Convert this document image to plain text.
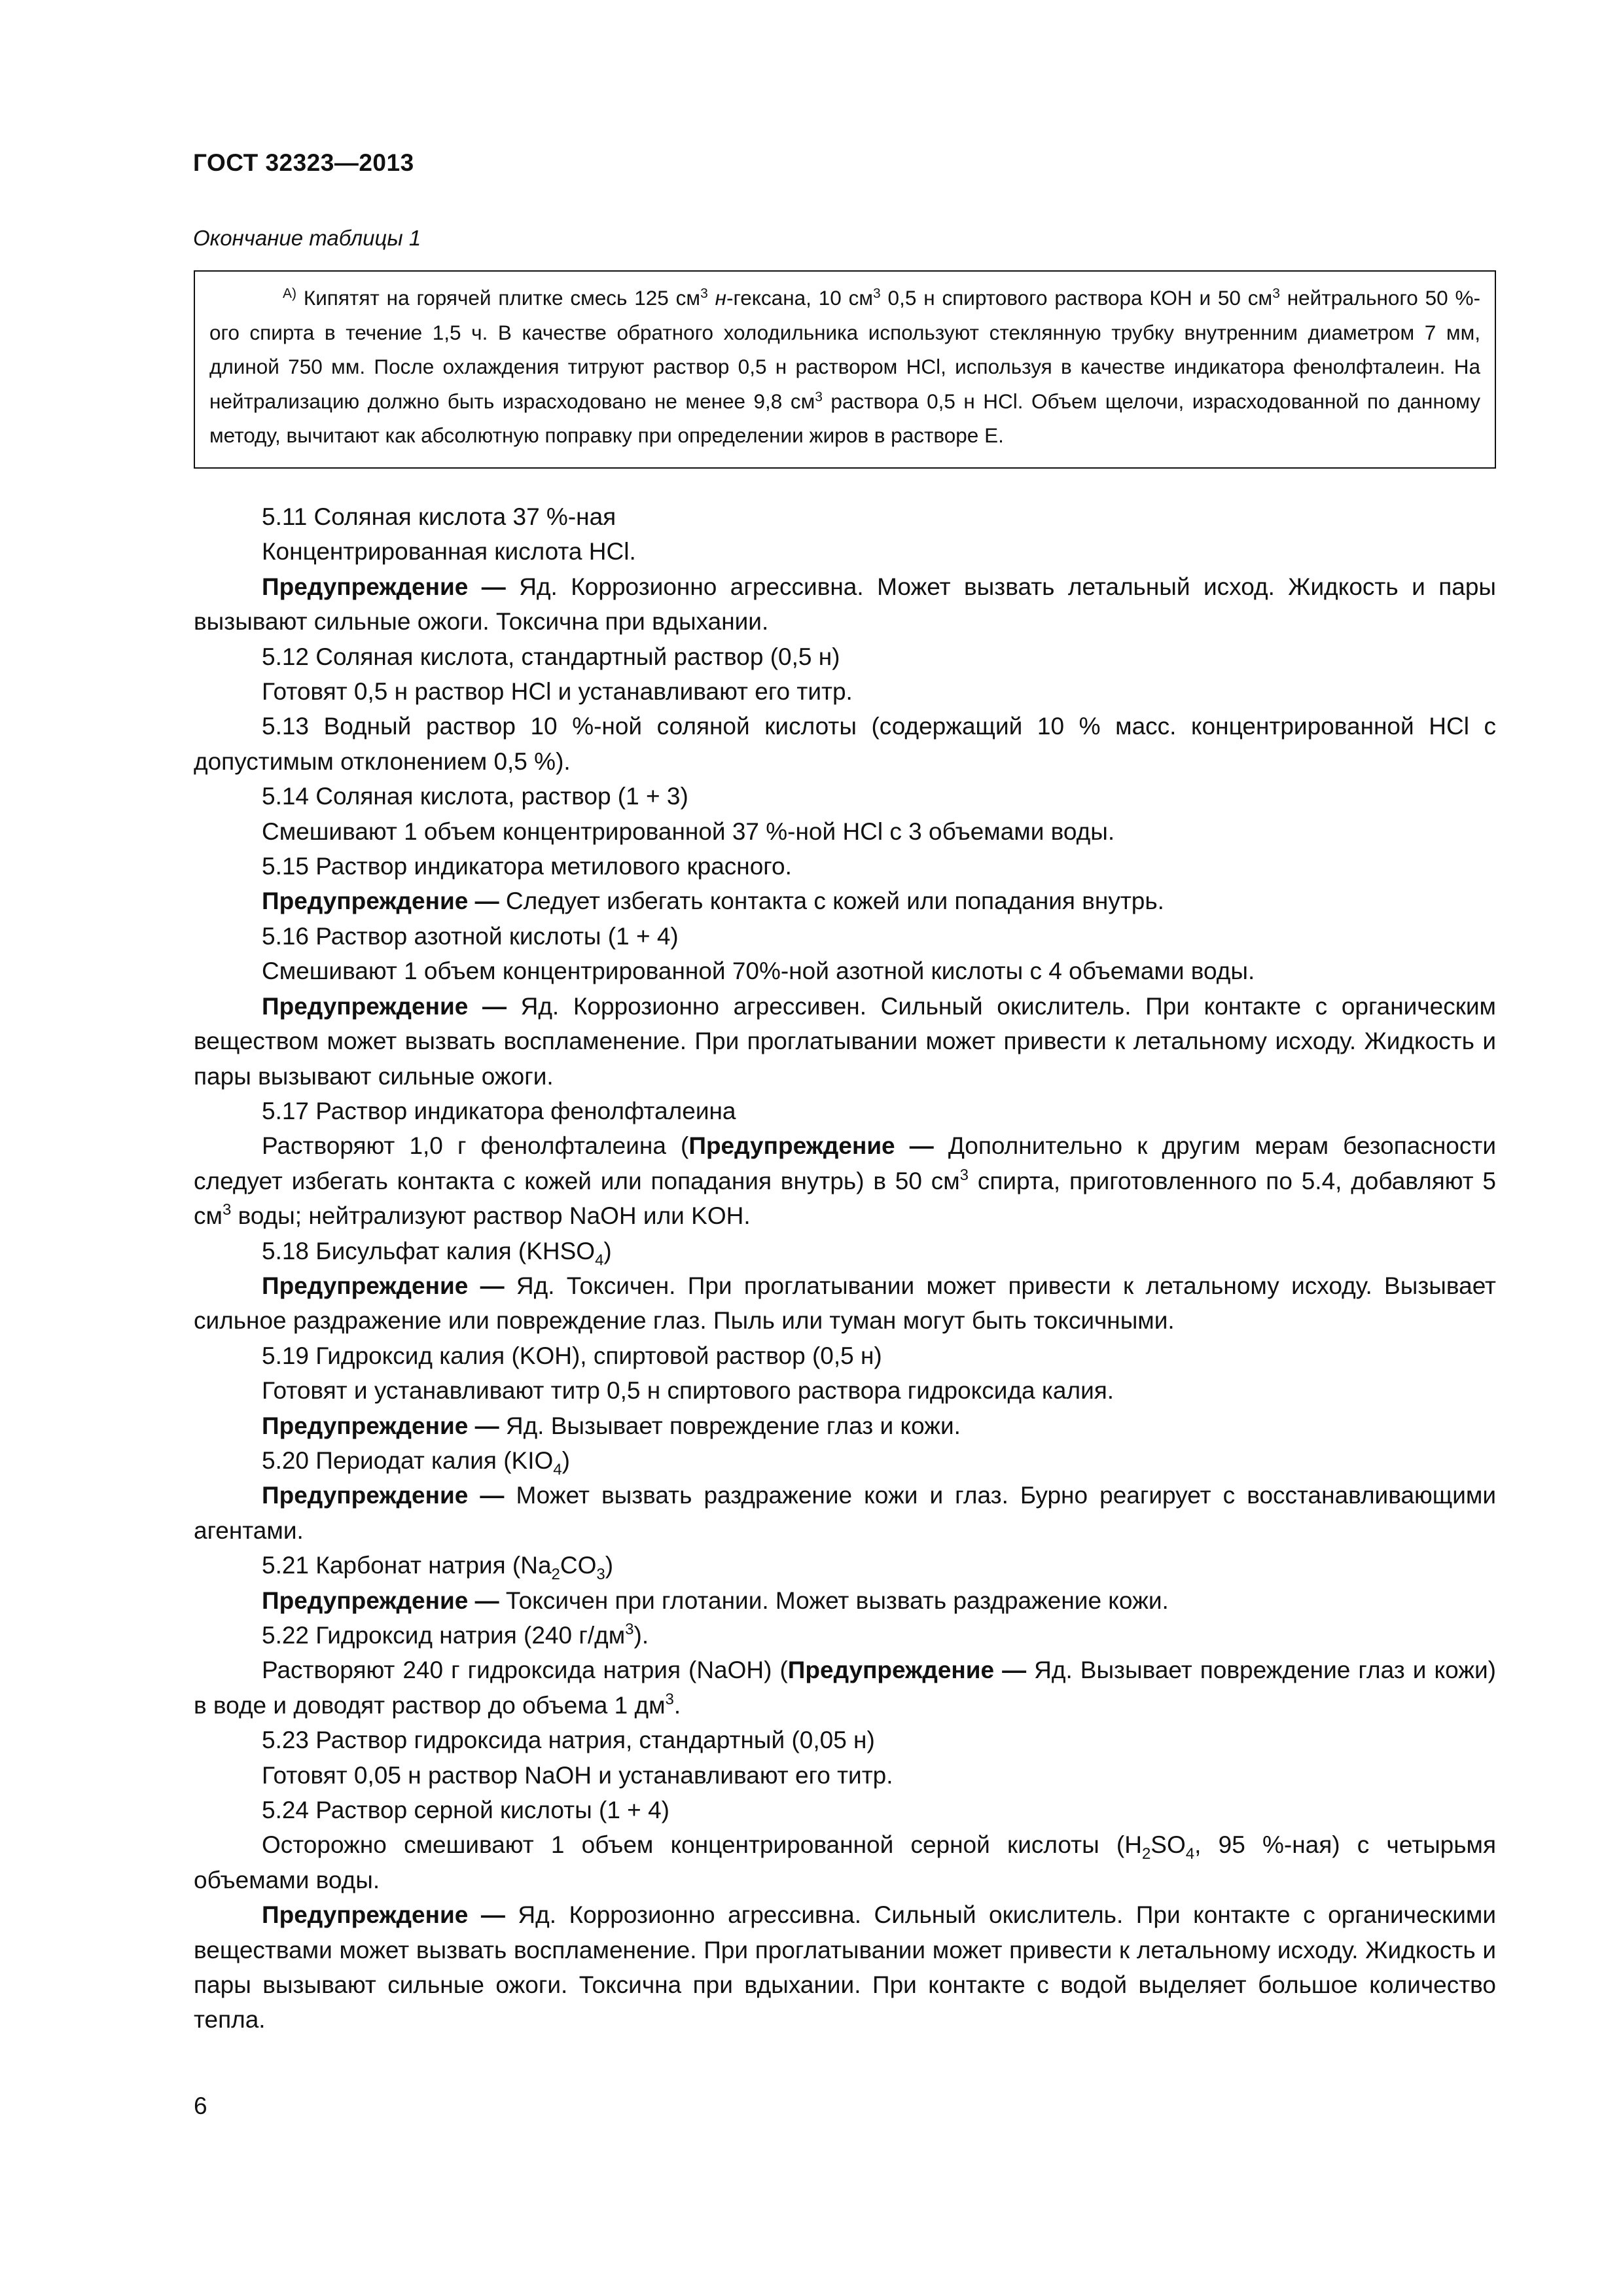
ГОСТ 32323—2013
Окончание таблицы 1
$^{А)}$ Кипятят на горячей плитке смесь 125 $см^3$ н-гексана, 10 $см^3$ 0,5 н спиртового раствора КОН и 50 $см^3$ нейтрального 50 %-ого спирта в течение 1,5 ч. В качестве обратного холодильника используют стеклянную трубку внутренним диаметром 7 мм, длиной 750 мм. После охлаждения титруют раствор 0,5 н раствором HCl, используя в качестве индикатора фенолфталеин. На нейтрализацию должно быть израсходовано не менее 9,8 $см^3$ раствора 0,5 н HCl. Объем щелочи, израсходованной по данному методу, вычитают как абсолютную поправку при определении жиров в растворе Е.

5.11 Соляная кислота 37 %-ная

Концентрированная кислота HCl.

Предупреждение — Яд. Коррозионно агрессивна. Может вызвать летальный исход. Жидкость и пары вызывают сильные ожоги. Токсична при вдыхании.

5.12 Соляная кислота, стандартный раствор (0,5 н)

Готовят 0,5 н раствор HCl и устанавливают его титр.

5.13 Водный раствор 10 %-ной соляной кислоты (содержащий 10 % масс. концентрированной HCl с допустимым отклонением 0,5 %).

5.14 Соляная кислота, раствор (1 + 3)

Смешивают 1 объем концентрированной 37 %-ной HCl с 3 объемами воды.

5.15 Раствор индикатора метилового красного.

Предупреждение — Следует избегать контакта с кожей или попадания внутрь.

5.16 Раствор азотной кислоты (1 + 4)

Смешивают 1 объем концентрированной 70%-ной азотной кислоты с 4 объемами воды.

Предупреждение — Яд. Коррозионно агрессивен. Сильный окислитель. При контакте с органическим веществом может вызвать воспламенение. При проглатывании может привести к летальному исходу. Жидкость и пары вызывают сильные ожоги.

5.17 Раствор индикатора фенолфталеина

Растворяют 1,0 г фенолфталеина (Предупреждение — Дополнительно к другим мерам безопасности следует избегать контакта с кожей или попадания внутрь) в 50 $см^3$ спирта, приготовленного по 5.4, добавляют 5 $см^3$ воды; нейтрализуют раствор NaOH или KOH.

5.18 Бисульфат калия $(KHSO_4)$

Предупреждение — Яд. Токсичен. При проглатывании может привести к летальному исходу. Вызывает сильное раздражение или повреждение глаз. Пыль или туман могут быть токсичными.

5.19 Гидроксид калия (KOH), спиртовой раствор (0,5 н)

Готовят и устанавливают титр 0,5 н спиртового раствора гидроксида калия.

Предупреждение — Яд. Вызывает повреждение глаз и кожи.

5.20 Периодат калия $(KIO_4)$

Предупреждение — Может вызвать раздражение кожи и глаз. Бурно реагирует с восстанавливающими агентами.

5.21 Карбонат натрия $(Na_2CO_3)$

Предупреждение — Токсичен при глотании. Может вызвать раздражение кожи.

5.22 Гидроксид натрия (240 $г/дм^3$).

Растворяют 240 г гидроксида натрия (NaOH) (Предупреждение — Яд. Вызывает повреждение глаз и кожи) в воде и доводят раствор до объема 1 $дм^3$.

5.23 Раствор гидроксида натрия, стандартный (0,05 н)

Готовят 0,05 н раствор NaOH и устанавливают его титр.

5.24 Раствор серной кислоты (1 + 4)

Осторожно смешивают 1 объем концентрированной серной кислоты ($H_2SO_4$, 95 %-ная) с четырьмя объемами воды.

Предупреждение — Яд. Коррозионно агрессивна. Сильный окислитель. При контакте с органическими веществами может вызвать воспламенение. При проглатывании может привести к летальному исходу. Жидкость и пары вызывают сильные ожоги. Токсична при вдыхании. При контакте с водой выделяет большое количество тепла.

6
